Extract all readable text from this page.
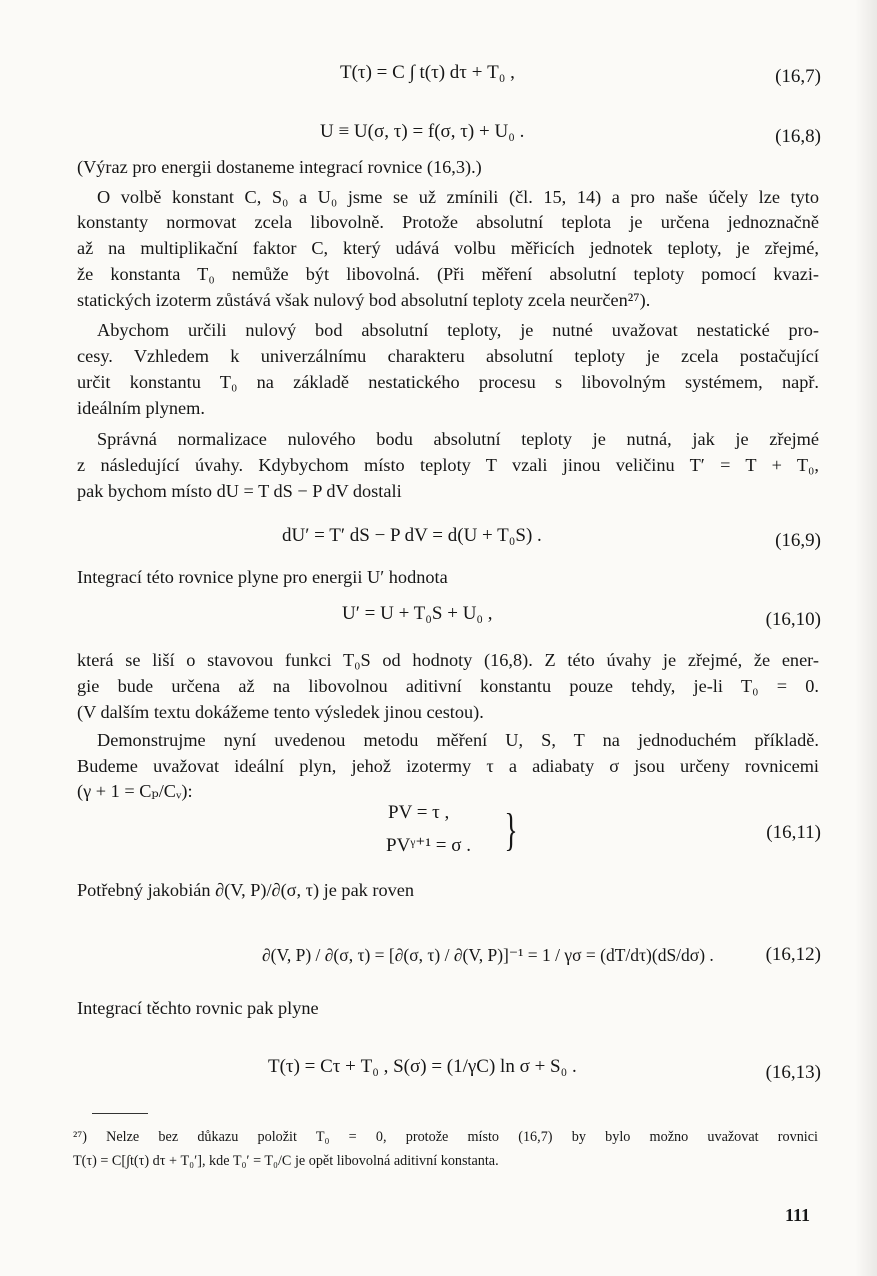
T(τ) = C ∫ t(τ) dτ + T₀ ,	(16,7)
U ≡ U(σ, τ) = f(σ, τ) + U₀ .	(16,8)
(Výraz pro energii dostaneme integrací rovnice (16,3).)
O volbě konstant C, S₀ a U₀ jsme se už zmínili (čl. 15, 14) a pro naše účely lze tyto
konstanty normovat zcela libovolně. Protože absolutní teplota je určena jednoznačně
až na multiplikační faktor C, který udává volbu měřicích jednotek teploty, je zřejmé,
že konstanta T₀ nemůže být libovolná. (Při měření absolutní teploty pomocí kvazi-
statických izoterm zůstává však nulový bod absolutní teploty zcela neurčen²⁷).
Abychom určili nulový bod absolutní teploty, je nutné uvažovat nestatické pro-
cesy. Vzhledem k univerzálnímu charakteru absolutní teploty je zcela postačující
určit konstantu T₀ na základě nestatického procesu s libovolným systémem, např.
ideálním plynem.
Správná normalizace nulového bodu absolutní teploty je nutná, jak je zřejmé
z následující úvahy. Kdybychom místo teploty T vzali jinou veličinu T′ = T + T₀,
pak bychom místo dU = T dS − P dV dostali
dU′ = T′ dS − P dV = d(U + T₀S) .	(16,9)
Integrací této rovnice plyne pro energii U′ hodnota
U′ = U + T₀S + U₀ ,	(16,10)
která se liší o stavovou funkci T₀S od hodnoty (16,8). Z této úvahy je zřejmé, že ener-
gie bude určena až na libovolnou aditivní konstantu pouze tehdy, je-li T₀ = 0.
(V dalším textu dokážeme tento výsledek jinou cestou).
Demonstrujme nyní uvedenou metodu měření U, S, T na jednoduchém příkladě.
Budeme uvažovat ideální plyn, jehož izotermy τ a adiabaty σ jsou určeny rovnicemi
(γ + 1 = Cₚ/Cᵥ):
PV = τ ,
PVᵞ⁺¹ = σ . }	(16,11)
Potřebný jakobián ∂(V, P)/∂(σ, τ) je pak roven
∂(V, P) / ∂(σ, τ) = [∂(σ, τ) / ∂(V, P)]⁻¹ = 1 / γσ = (dT/dτ)(dS/dσ) .	(16,12)
Integrací těchto rovnic pak plyne
T(τ) = Cτ + T₀ , S(σ) = (1/γC) ln σ + S₀ .	(16,13)
²⁷) Nelze bez důkazu položit T₀ = 0, protože místo (16,7) by bylo možno uvažovat rovnici
T(τ) = C[∫t(τ) dτ + T₀′], kde T₀′ = T₀/C je opět libovolná aditivní konstanta.
111
